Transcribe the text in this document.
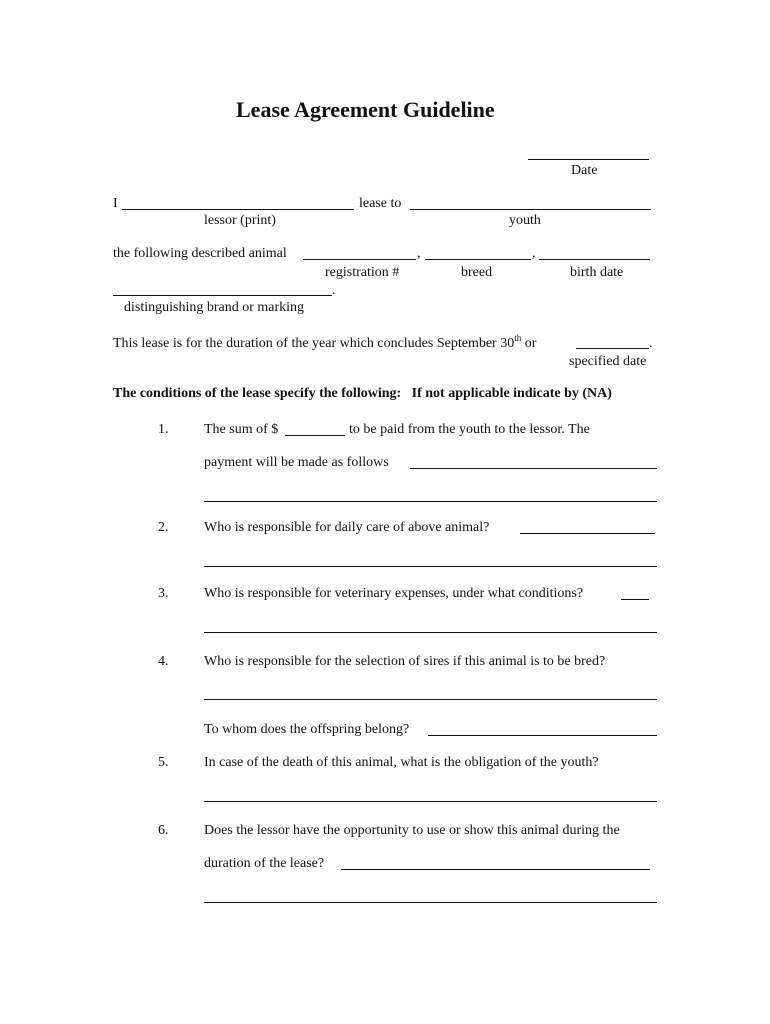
Lease Agreement Guideline
Date
I	lease to
lessor (print)	youth
the following described animal	,	,
registration #	breed	birth date
.
distinguishing brand or marking
This lease is for the duration of the year which concludes September 30th or	.
specified date
The conditions of the lease specify the following:   If not applicable indicate by (NA)
1.	The sum of $	to be paid from the youth to the lessor. The
payment will be made as follows
2.	Who is responsible for daily care of above animal?
3.	Who is responsible for veterinary expenses, under what conditions?
4.	Who is responsible for the selection of sires if this animal is to be bred?
To whom does the offspring belong?
5.	In case of the death of this animal, what is the obligation of the youth?
6.	Does the lessor have the opportunity to use or show this animal during the
duration of the lease?
